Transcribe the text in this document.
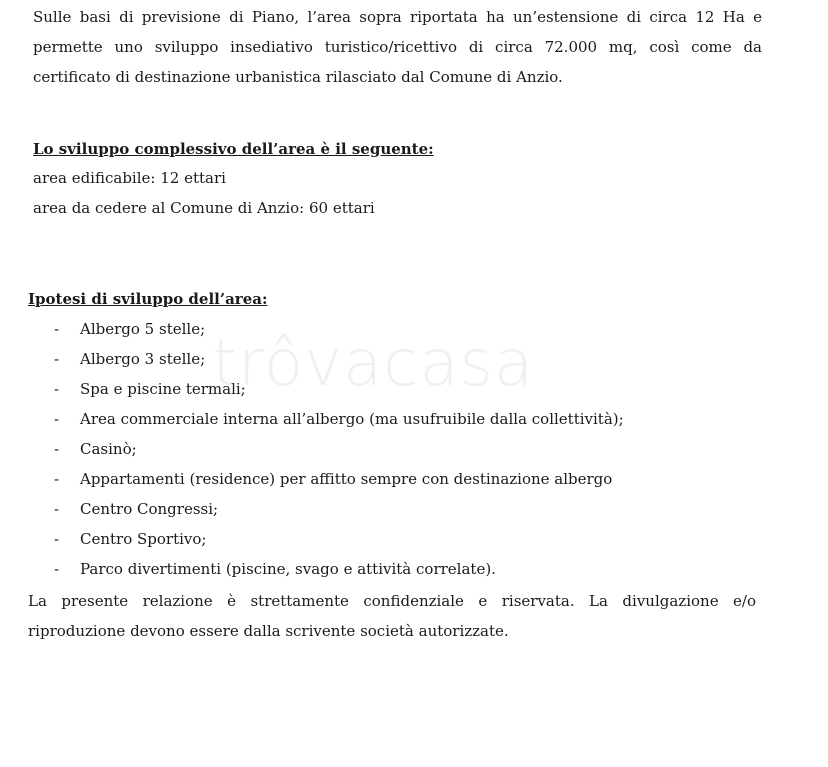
Sulle basi di previsione di Piano, l’area sopra riportata ha un’estensione di circa 12 Ha e permette uno sviluppo insediativo turistico/ricettivo di circa 72.000 mq, così come da certificato di destinazione urbanistica rilasciato dal Comune di Anzio.
Lo sviluppo complessivo dell’area è il seguente:
area edificabile: 12 ettari
area da cedere al Comune di Anzio: 60 ettari
Ipotesi di sviluppo dell’area:
- Albergo 5 stelle;
- Albergo 3 stelle;
- Spa e piscine termali;
- Area commerciale interna all’albergo (ma usufruibile dalla collettività);
- Casinò;
- Appartamenti (residence) per affitto sempre con destinazione albergo
- Centro Congressi;
- Centro Sportivo;
- Parco divertimenti (piscine, svago e attività correlate).
La presente relazione è strettamente confidenziale e riservata. La divulgazione e/o riproduzione devono essere dalla scrivente società autorizzate.
trôvacasa
